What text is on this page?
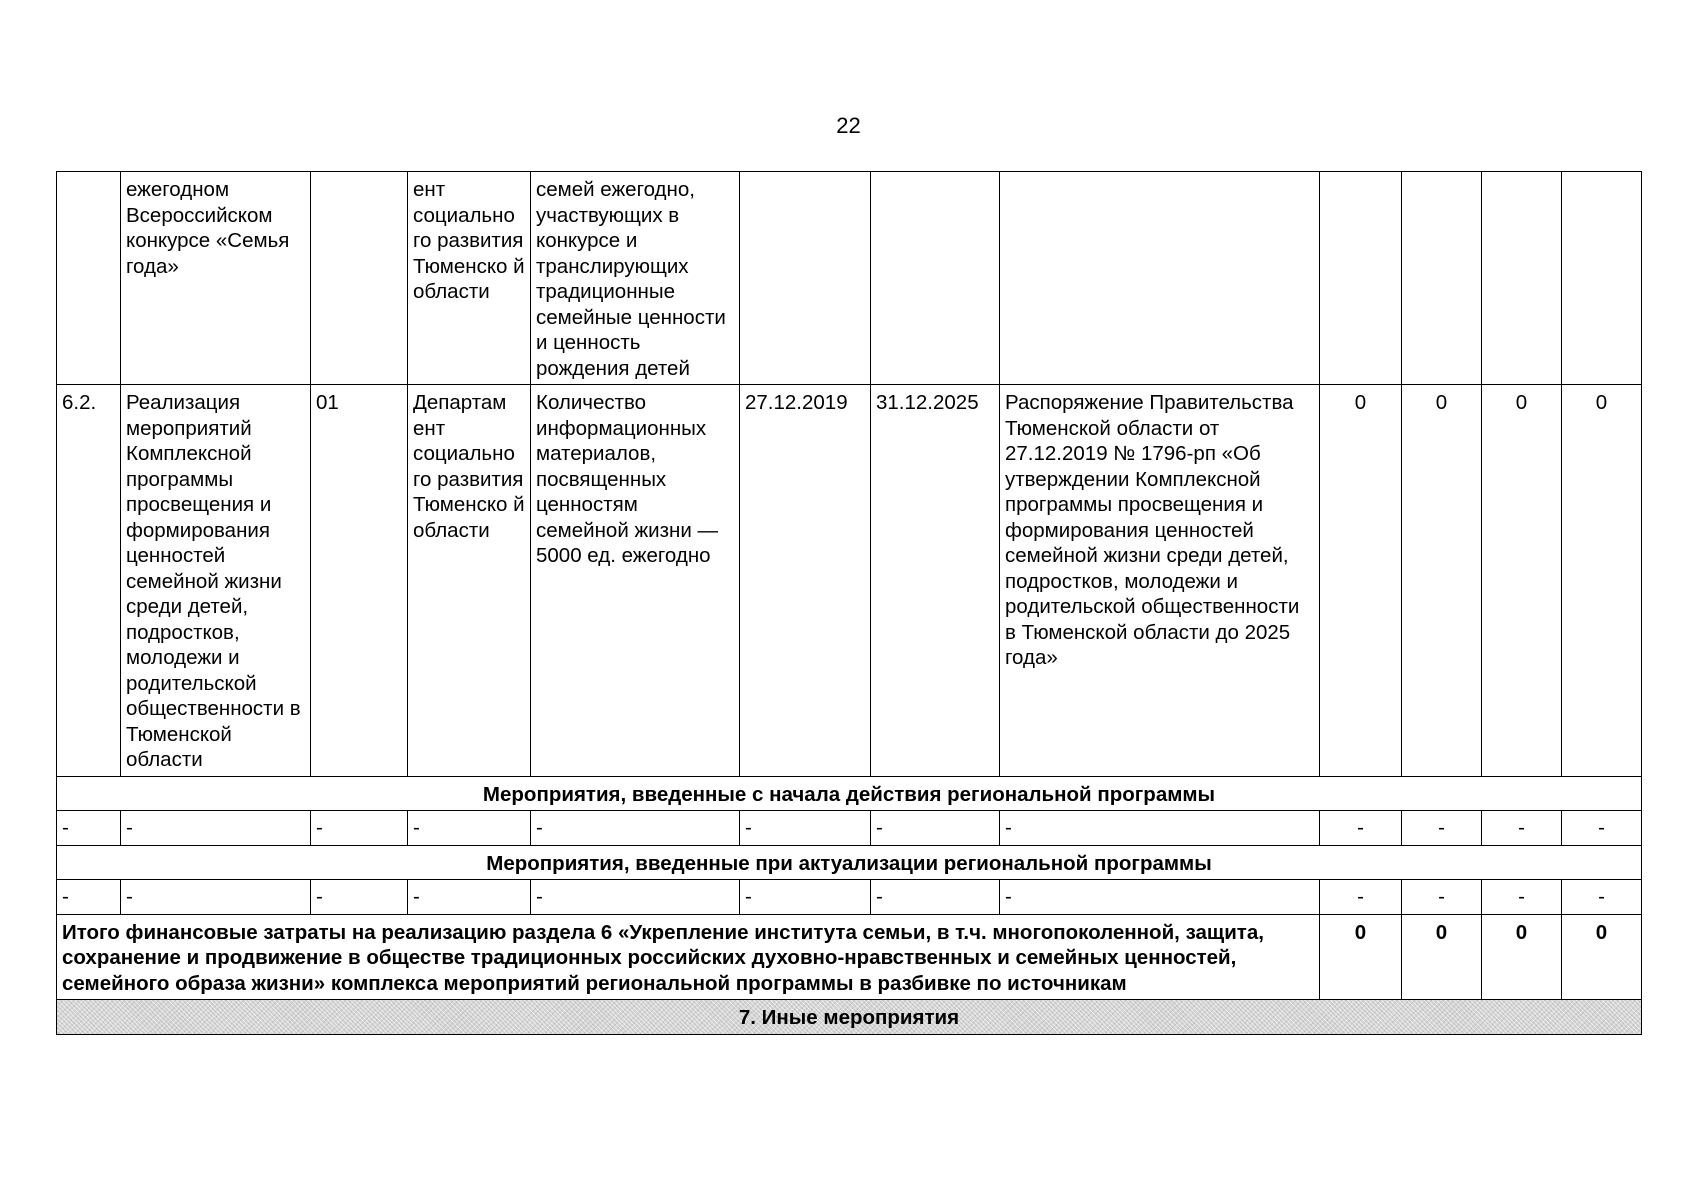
22
	ежегодном Всероссийском конкурсе «Семья года»		ент социально го развития Тюменско й области	семей ежегодно, участвующих в конкурсе и транслирующих традиционные семейные ценности и ценность рождения детей							
6.2.	Реализация мероприятий Комплексной программы просвещения и формирования ценностей семейной жизни среди детей, подростков, молодежи и родительской общественности в Тюменской области	01	Департам ент социально го развития Тюменско й области	Количество информационных материалов, посвященных ценностям семейной жизни — 5000 ед. ежегодно	27.12.2019	31.12.2025	Распоряжение Правительства Тюменской области от 27.12.2019 № 1796-рп «Об утверждении Комплексной программы просвещения и формирования ценностей семейной жизни среди детей, подростков, молодежи и родительской общественности в Тюменской области до 2025 года»	0	0	0	0
Мероприятия, введенные с начала действия региональной программы											
-	-	-	-	-	-	-	-	-	-	-	-
Мероприятия, введенные при актуализации региональной программы											
-	-	-	-	-	-	-	-	-	-	-	-
Итого финансовые затраты на реализацию раздела 6 «Укрепление института семьи, в т.ч. многопоколенной, защита, сохранение и продвижение в обществе традиционных российских духовно-нравственных и семейных ценностей, семейного образа жизни» комплекса мероприятий региональной программы в разбивке по источникам								0	0	0	0
7. Иные мероприятия											
